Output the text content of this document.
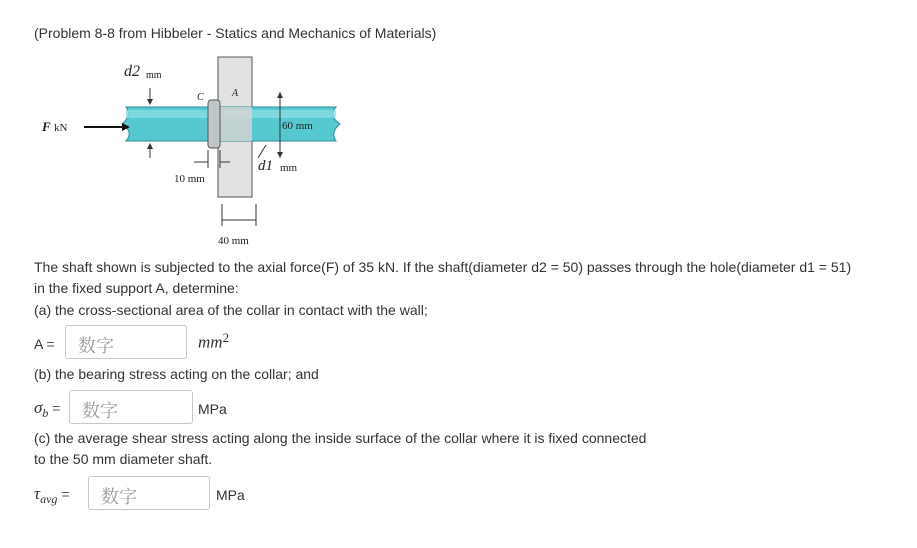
(Problem 8-8 from Hibbeler - Statics and Mechanics of Materials)
d2 mm
C	A
F kN	60 mm
d1 mm
10 mm
40 mm
The shaft shown is subjected to the axial force(F) of 35 kN. If the shaft(diameter d2 = 50) passes through the hole(diameter d1 = 51)
in the fixed support A, determine:
(a) the cross-sectional area of the collar in contact with the wall;
A =	数字	$mm^2$
(b) the bearing stress acting on the collar; and
$\sigma_b$ =	数字	MPa
(c) the average shear stress acting along the inside surface of the collar where it is fixed connected
to the 50 mm diameter shaft.
$\tau_{avg}$ =	数字	MPa
